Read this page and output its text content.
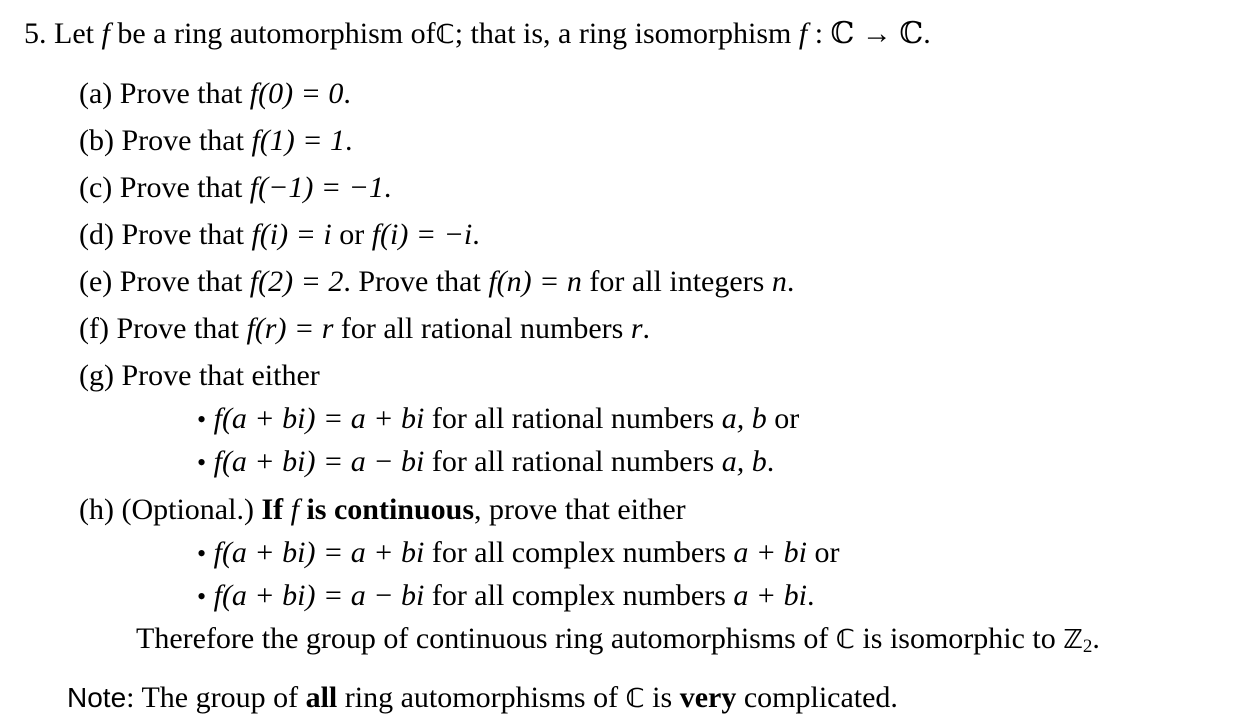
5. Let f be a ring automorphism ofℂ; that is, a ring isomorphism f : ℂ → ℂ.
(a) Prove that f(0) = 0.
(b) Prove that f(1) = 1.
(c) Prove that f(−1) = −1.
(d) Prove that f(i) = i or f(i) = −i.
(e) Prove that f(2) = 2. Prove that f(n) = n for all integers n.
(f) Prove that f(r) = r for all rational numbers r.
(g) Prove that either
• f(a + bi) = a + bi for all rational numbers a, b or
• f(a + bi) = a − bi for all rational numbers a, b.
(h) (Optional.) If f is continuous, prove that either
• f(a + bi) = a + bi for all complex numbers a + bi or
• f(a + bi) = a − bi for all complex numbers a + bi.
Therefore the group of continuous ring automorphisms of ℂ is isomorphic to ℤ$_2$.
Note: The group of all ring automorphisms of ℂ is very complicated.
